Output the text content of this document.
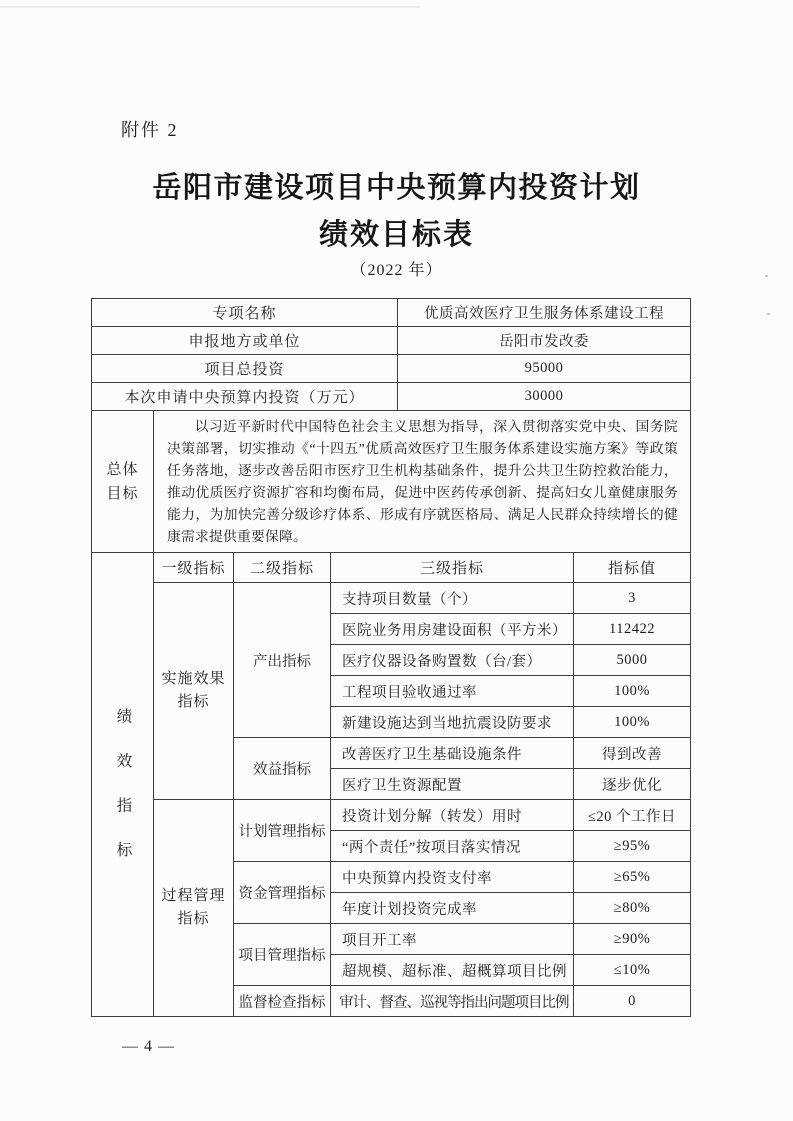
附件 2
岳阳市建设项目中央预算内投资计划
绩效目标表
（2022 年）
专项名称				优质高效医疗卫生服务体系建设工程	
申报地方或单位				岳阳市发改委	
项目总投资				95000	
本次申请中央预算内投资（万元）				30000	
总体目标	以习近平新时代中国特色社会主义思想为指导，深入贯彻落实党中央、国务院决策部署，切实推动《“十四五”优质高效医疗卫生服务体系建设实施方案》等政策任务落地，逐步改善岳阳市医疗卫生机构基础条件，提升公共卫生防控救治能力，推动优质医疗资源扩容和均衡布局，促进中医药传承创新、提高妇女儿童健康服务能力，为加快完善分级诊疗体系、形成有序就医格局、满足人民群众持续增长的健康需求提供重要保障。				

绩效指标	一级指标	二级指标	三级指标		指标值
	实施效果指标	产出指标	支持项目数量（个）		3
			医院业务用房建设面积（平方米）		112422
			医疗仪器设备购置数（台/套）		5000
			工程项目验收通过率		100%
			新建设施达到当地抗震设防要求		100%
		效益指标	改善医疗卫生基础设施条件		得到改善
			医疗卫生资源配置		逐步优化
	过程管理指标	计划管理指标	投资计划分解（转发）用时		≤20 个工作日
			“两个责任”按项目落实情况		≥95%
		资金管理指标	中央预算内投资支付率		≥65%
			年度计划投资完成率		≥80%
		项目管理指标	项目开工率		≥90%
			超规模、超标准、超概算项目比例		≤10%
		监督检查指标	审计、督查、巡视等指出问题项目比例		0
— 4 —
